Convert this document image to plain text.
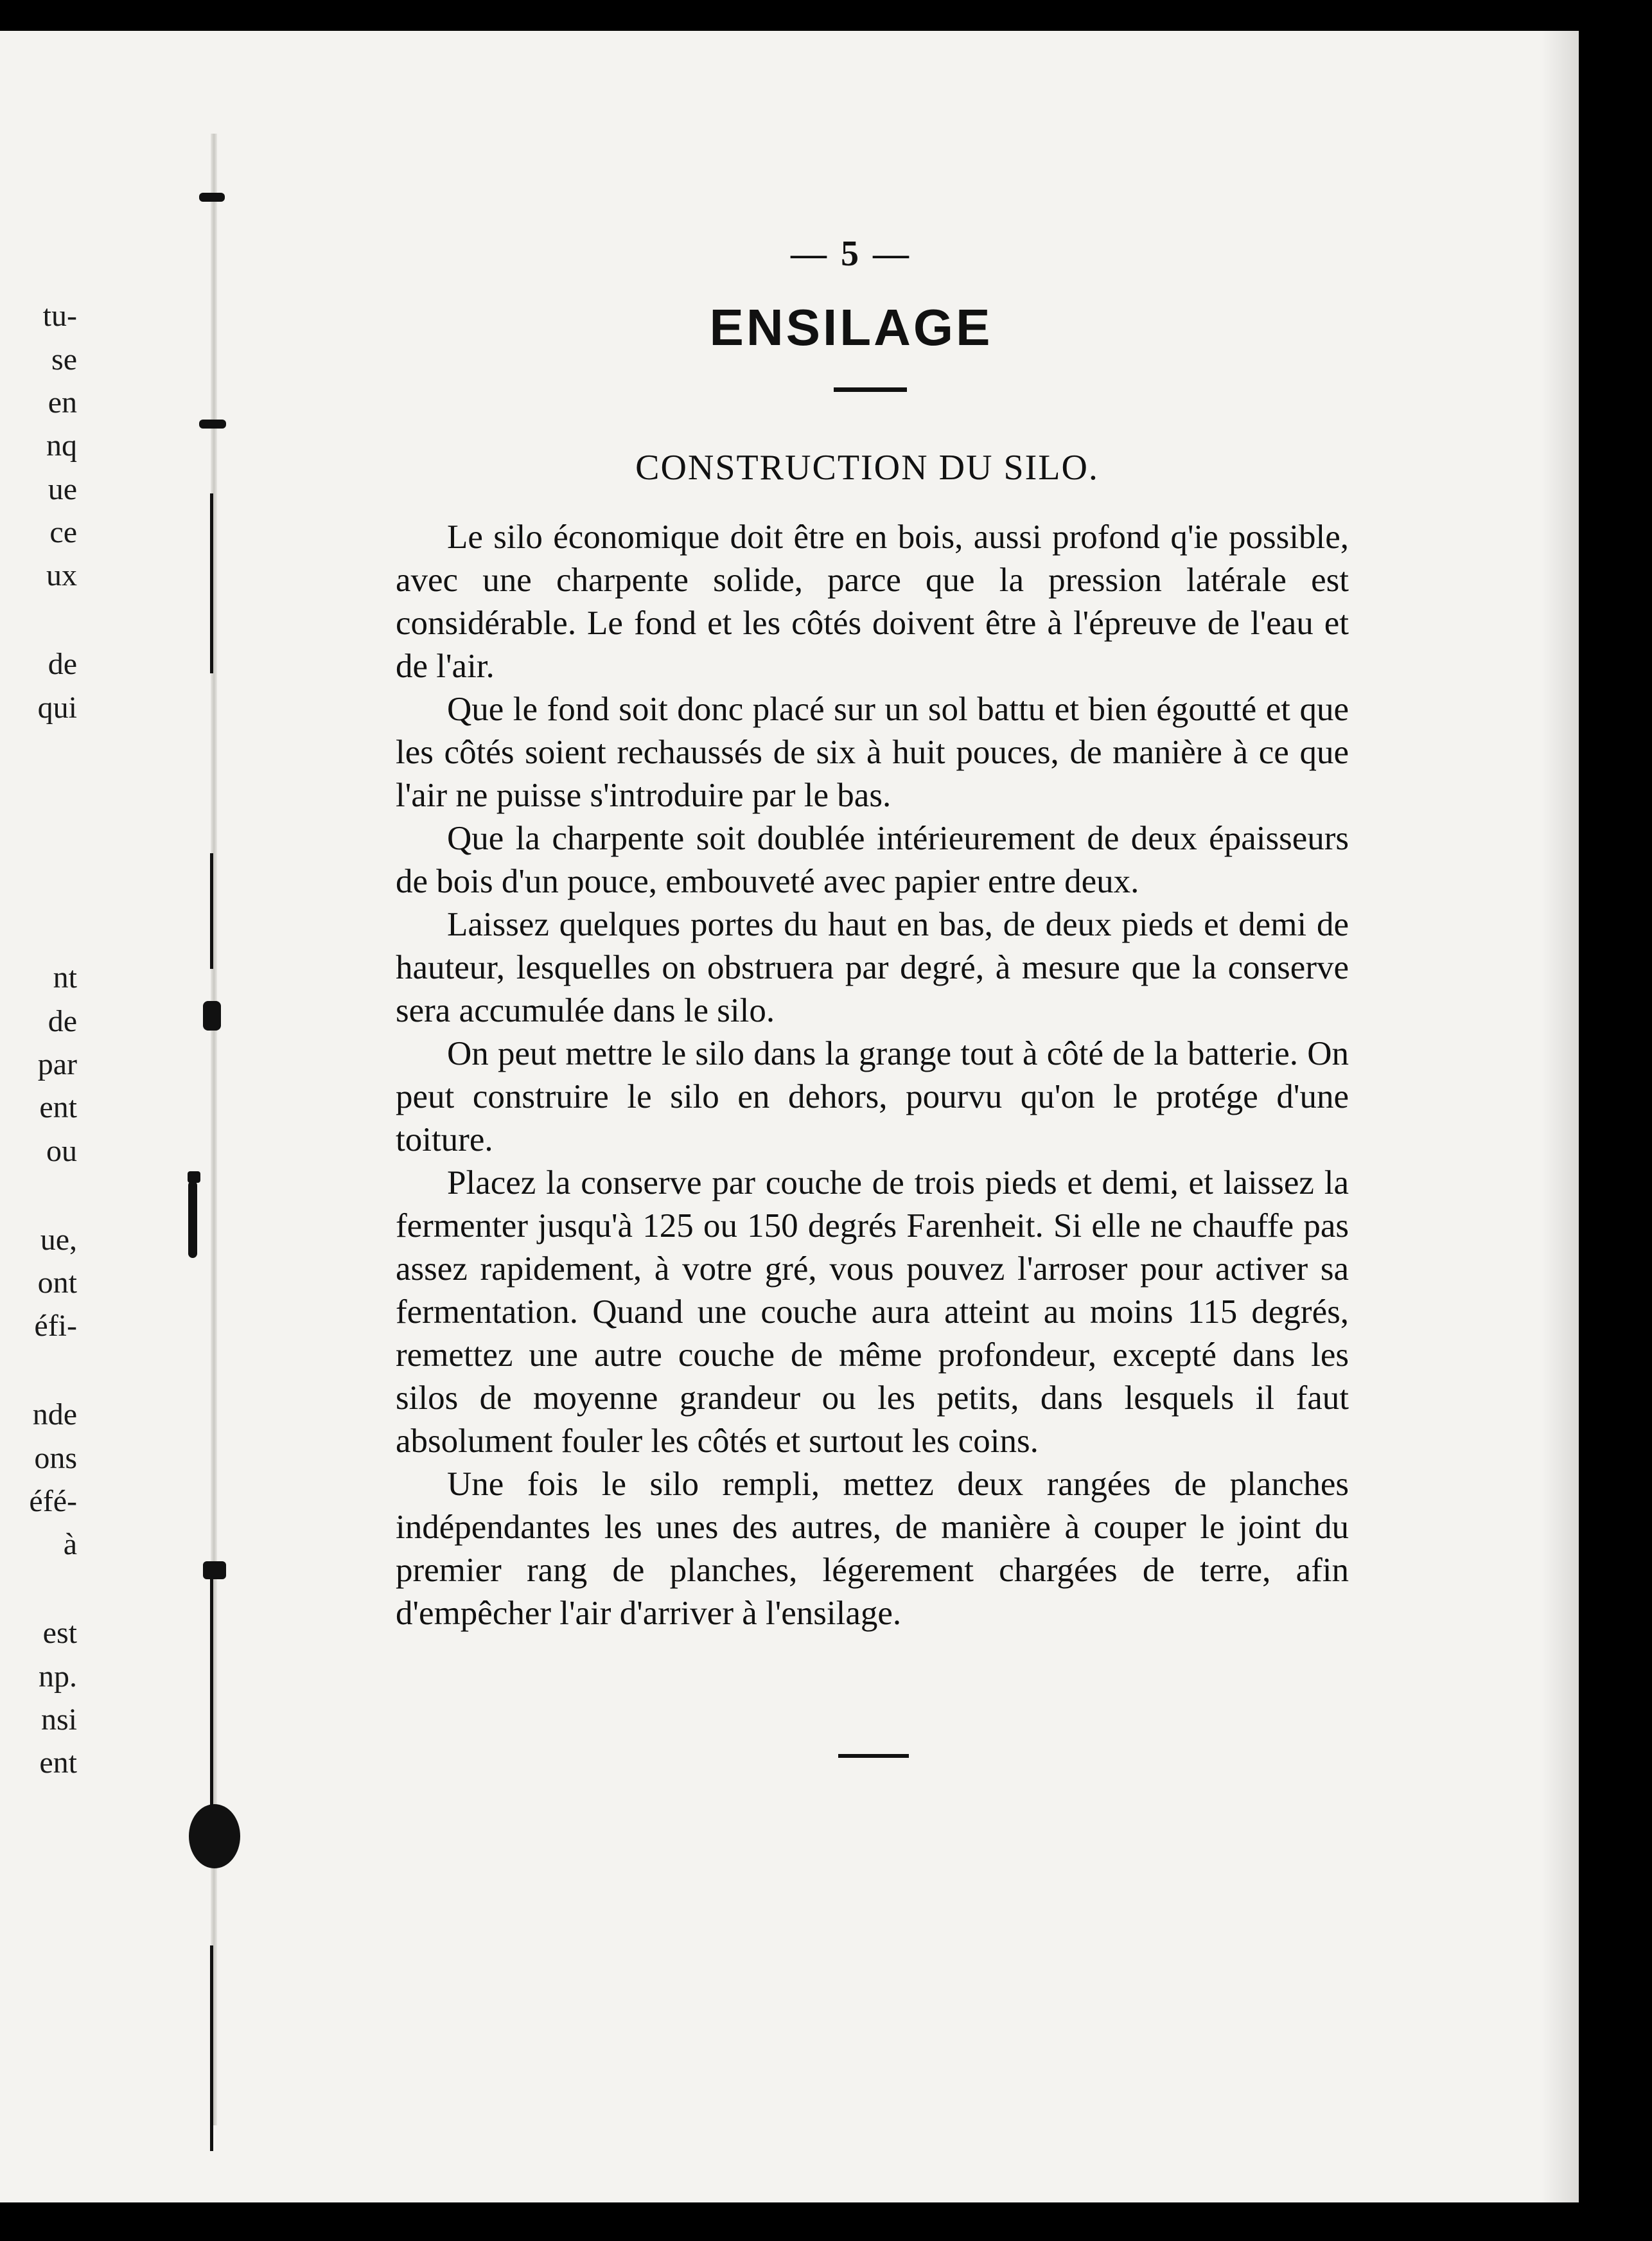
tu-
se
en
nq
ue
ce
ux
de
qui
nt
de
par
ent
ou
ue,
ont
éfi-
nde
ons
éfé-
à
est
np.
nsi
ent
— 5 —
ENSILAGE
CONSTRUCTION DU SILO.

Le silo économique doit être en bois, aussi profond q'ie possible, avec une charpente solide, parce que la pression latérale est considérable. Le fond et les côtés doivent être à l'épreuve de l'eau et de l'air.

Que le fond soit donc placé sur un sol battu et bien égoutté et que les côtés soient rechaussés de six à huit pouces, de manière à ce que l'air ne puisse s'introduire par le bas.

Que la charpente soit doublée intérieurement de deux épaisseurs de bois d'un pouce, embouveté avec papier entre deux.

Laissez quelques portes du haut en bas, de deux pieds et demi de hauteur, lesquelles on obstruera par degré, à mesure que la conserve sera accumulée dans le silo.

On peut mettre le silo dans la grange tout à côté de la batterie. On peut construire le silo en dehors, pourvu qu'on le protége d'une toiture.

Placez la conserve par couche de trois pieds et demi, et laissez la fermenter jusqu'à 125 ou 150 degrés Farenheit. Si elle ne chauffe pas assez rapidement, à votre gré, vous pouvez l'arroser pour activer sa fermentation. Quand une couche aura atteint au moins 115 degrés, remettez une autre couche de même profondeur, excepté dans les silos de moyenne grandeur ou les petits, dans lesquels il faut absolument fouler les côtés et surtout les coins.

Une fois le silo rempli, mettez deux rangées de planches indépendantes les unes des autres, de manière à couper le joint du premier rang de planches, légerement chargées de terre, afin d'empêcher l'air d'arriver à l'ensilage.
